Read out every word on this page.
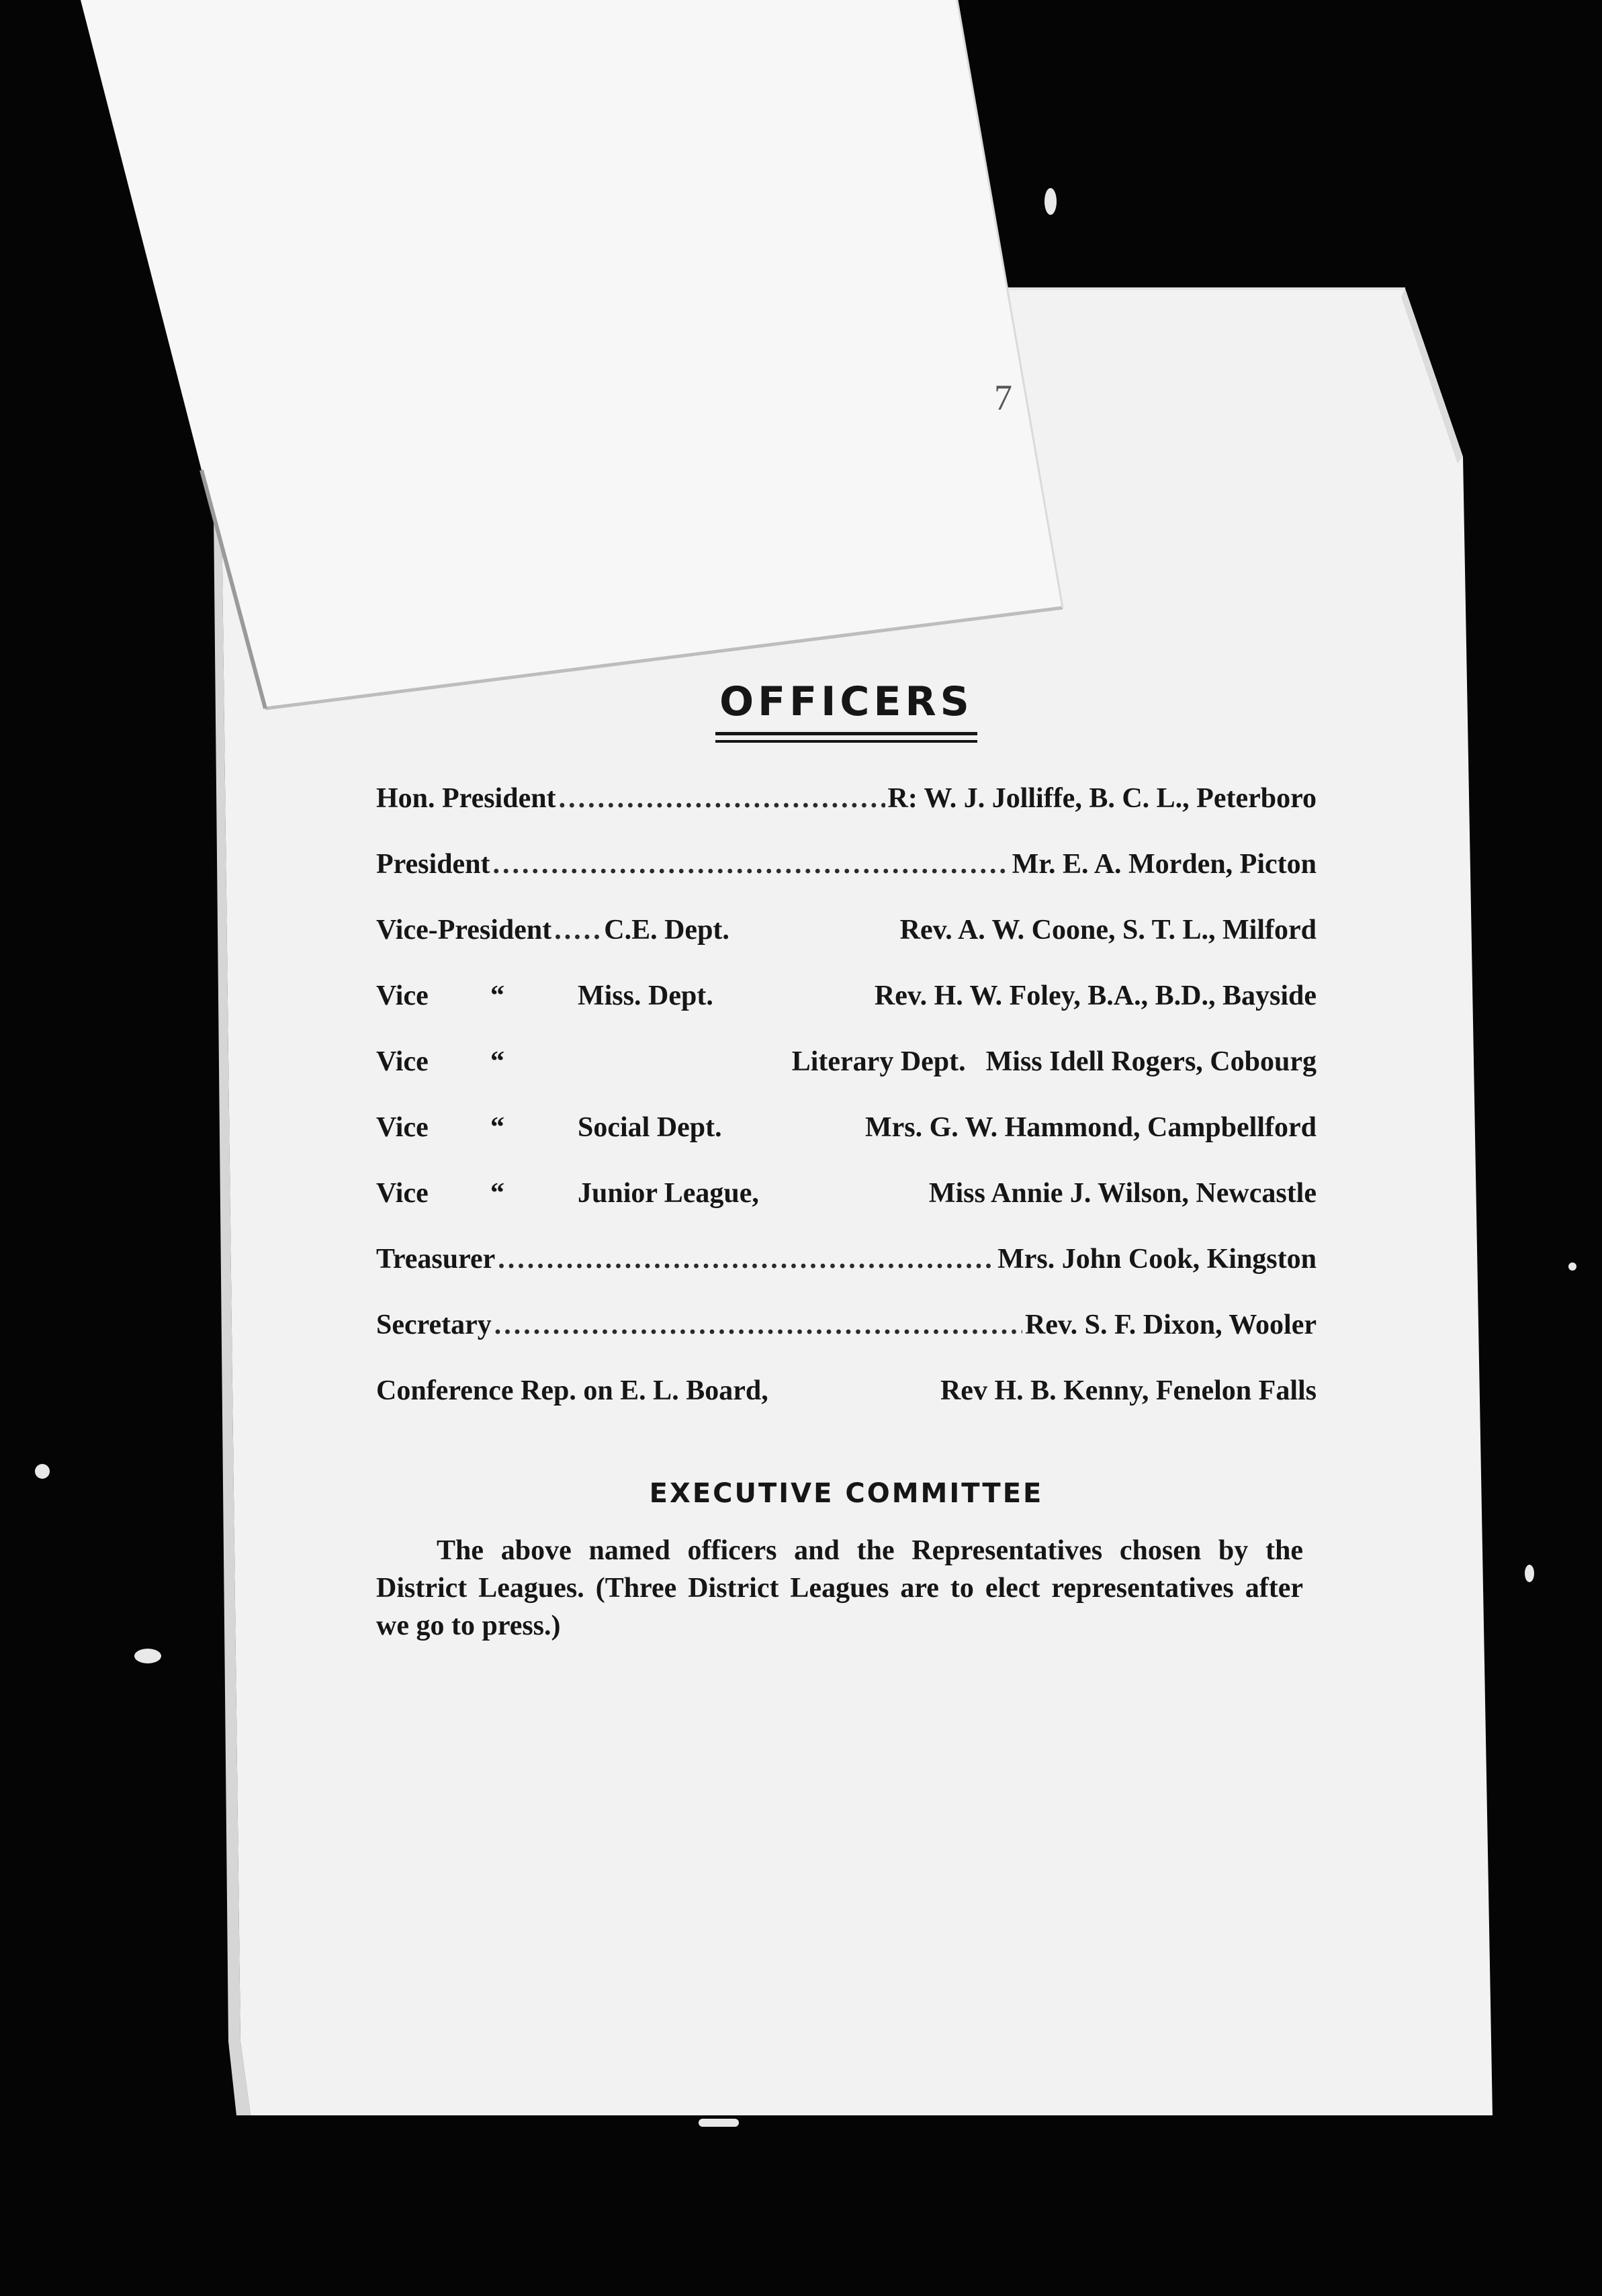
7
OFFICERS
Hon. President .....	R: W. J. Jolliffe, B. C. L., Peterboro
President .....	Mr. E. A. Morden, Picton
Vice-President ..... C.E. Dept.	Rev. A. W. Coone, S. T. L., Milford
Vice	“	Miss. Dept.	Rev. H. W. Foley, B.A., B.D., Bayside
Vice	“	Literary Dept. Miss Idell Rogers, Cobourg
Vice	“	Social Dept.	Mrs. G. W. Hammond, Campbellford
Vice	“	Junior League,	Miss Annie J. Wilson, Newcastle
Treasurer .....	Mrs. John Cook, Kingston
Secretary .....	Rev. S. F. Dixon, Wooler
Conference Rep. on E. L. Board,	Rev H. B. Kenny, Fenelon Falls
EXECUTIVE COMMITTEE
The above named officers and the Representatives chosen by the District Leagues. (Three District Leagues are to elect representatives after we go to press.)
